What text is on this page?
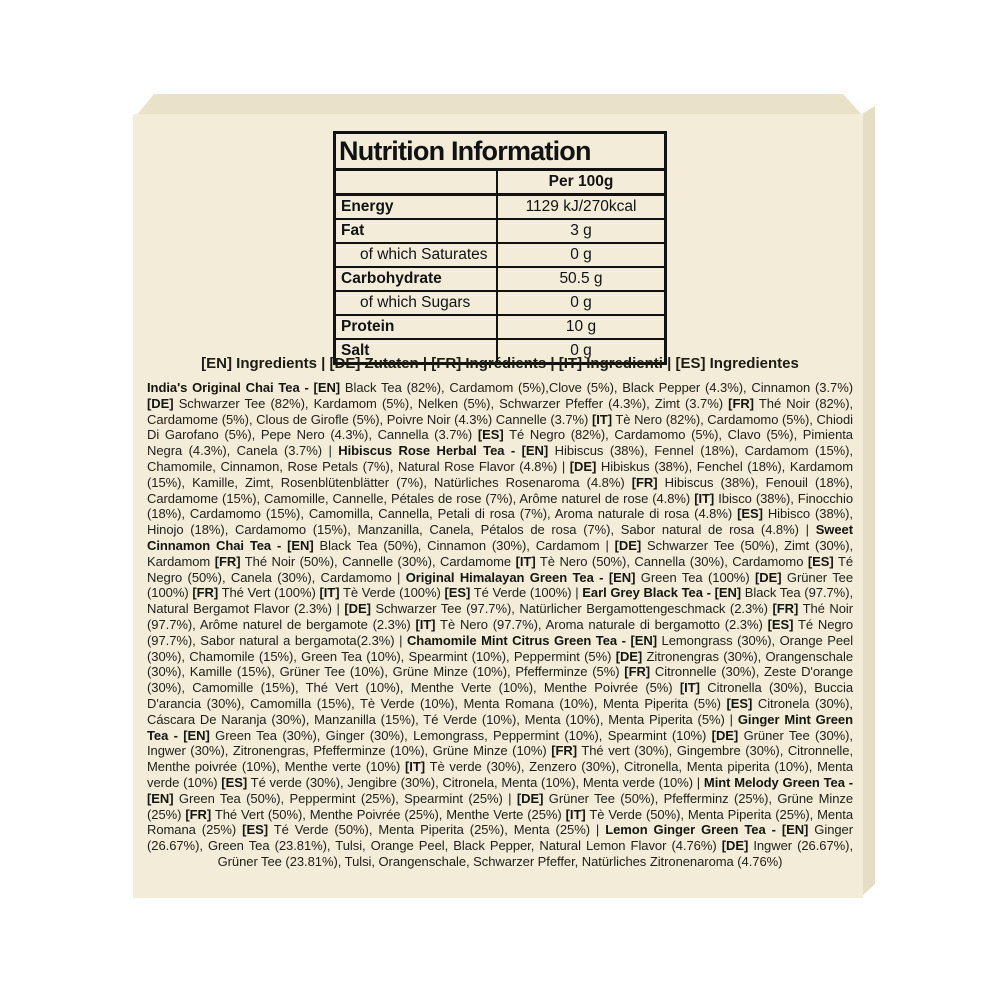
Nutrition Information
Per 100g
Energy	1129 kJ/270kcal
Fat	3 g
of which Saturates	0 g
Carbohydrate	50.5 g
of which Sugars	0 g
Protein	10 g
Salt	0 g
[EN] Ingredients | [DE] Zutaten | [FR] Ingrédients | [IT] Ingredienti | [ES] Ingredientes
India's Original Chai Tea - [EN] Black Tea (82%), Cardamom (5%),Clove (5%), Black Pepper (4.3%), Cinnamon (3.7%) [DE] Schwarzer Tee (82%), Kardamom (5%), Nelken (5%), Schwarzer Pfeffer (4.3%), Zimt (3.7%) [FR] Thé Noir (82%), Cardamome (5%), Clous de Girofle (5%), Poivre Noir (4.3%) Cannelle (3.7%) [IT] Tè Nero (82%), Cardamomo (5%), Chiodi Di Garofano (5%), Pepe Nero (4.3%), Cannella (3.7%) [ES] Té Negro (82%), Cardamomo (5%), Clavo (5%), Pimienta Negra (4.3%), Canela (3.7%) | Hibiscus Rose Herbal Tea - [EN] Hibiscus (38%), Fennel (18%), Cardamom (15%), Chamomile, Cinnamon, Rose Petals (7%), Natural Rose Flavor (4.8%) | [DE] Hibiskus (38%), Fenchel (18%), Kardamom (15%), Kamille, Zimt, Rosenblütenblätter (7%), Natürliches Rosenaroma (4.8%) [FR] Hibiscus (38%), Fenouil (18%), Cardamome (15%), Camomille, Cannelle, Pétales de rose (7%), Arôme naturel de rose (4.8%) [IT] Ibisco (38%), Finocchio (18%), Cardamomo (15%), Camomilla, Cannella, Petali di rosa (7%), Aroma naturale di rosa (4.8%) [ES] Hibisco (38%), Hinojo (18%), Cardamomo (15%), Manzanilla, Canela, Pétalos de rosa (7%), Sabor natural de rosa (4.8%) | Sweet Cinnamon Chai Tea - [EN] Black Tea (50%), Cinnamon (30%), Cardamom | [DE] Schwarzer Tee (50%), Zimt (30%), Kardamom [FR] Thé Noir (50%), Cannelle (30%), Cardamome [IT] Tè Nero (50%), Cannella (30%), Cardamomo [ES] Té Negro (50%), Canela (30%), Cardamomo | Original Himalayan Green Tea - [EN] Green Tea (100%) [DE] Grüner Tee (100%) [FR] Thé Vert (100%) [IT] Tè Verde (100%) [ES] Té Verde (100%) | Earl Grey Black Tea - [EN] Black Tea (97.7%), Natural Bergamot Flavor (2.3%) | [DE] Schwarzer Tee (97.7%), Natürlicher Bergamottengeschmack (2.3%) [FR] Thé Noir (97.7%), Arôme naturel de bergamote (2.3%) [IT] Tè Nero (97.7%), Aroma naturale di bergamotto (2.3%) [ES] Té Negro (97.7%), Sabor natural a bergamota(2.3%) | Chamomile Mint Citrus Green Tea - [EN] Lemongrass (30%), Orange Peel (30%), Chamomile (15%), Green Tea (10%), Spearmint (10%), Peppermint (5%) [DE] Zitronengras (30%), Orangenschale (30%), Kamille (15%), Grüner Tee (10%), Grüne Minze (10%), Pfefferminze (5%) [FR] Citronnelle (30%), Zeste D'orange (30%), Camomille (15%), Thé Vert (10%), Menthe Verte (10%), Menthe Poivrée (5%) [IT] Citronella (30%), Buccia D'arancia (30%), Camomilla (15%), Tè Verde (10%), Menta Romana (10%), Menta Piperita (5%) [ES] Citronela (30%), Cáscara De Naranja (30%), Manzanilla (15%), Té Verde (10%), Menta (10%), Menta Piperita (5%) | Ginger Mint Green Tea - [EN] Green Tea (30%), Ginger (30%), Lemongrass, Peppermint (10%), Spearmint (10%) [DE] Grüner Tee (30%), Ingwer (30%), Zitronengras, Pfefferminze (10%), Grüne Minze (10%) [FR] Thé vert (30%), Gingembre (30%), Citronnelle, Menthe poivrée (10%), Menthe verte (10%) [IT] Tè verde (30%), Zenzero (30%), Citronella, Menta piperita (10%), Menta verde (10%) [ES] Té verde (30%), Jengibre (30%), Citronela, Menta (10%), Menta verde (10%) | Mint Melody Green Tea - [EN] Green Tea (50%), Peppermint (25%), Spearmint (25%) | [DE] Grüner Tee (50%), Pfefferminz (25%), Grüne Minze (25%) [FR] Thé Vert (50%), Menthe Poivrée (25%), Menthe Verte (25%) [IT] Tè Verde (50%), Menta Piperita (25%), Menta Romana (25%) [ES] Té Verde (50%), Menta Piperita (25%), Menta (25%) | Lemon Ginger Green Tea - [EN] Ginger (26.67%), Green Tea (23.81%), Tulsi, Orange Peel, Black Pepper, Natural Lemon Flavor (4.76%) [DE] Ingwer (26.67%), Grüner Tee (23.81%), Tulsi, Orangenschale, Schwarzer Pfeffer, Natürliches Zitronenaroma (4.76%)
